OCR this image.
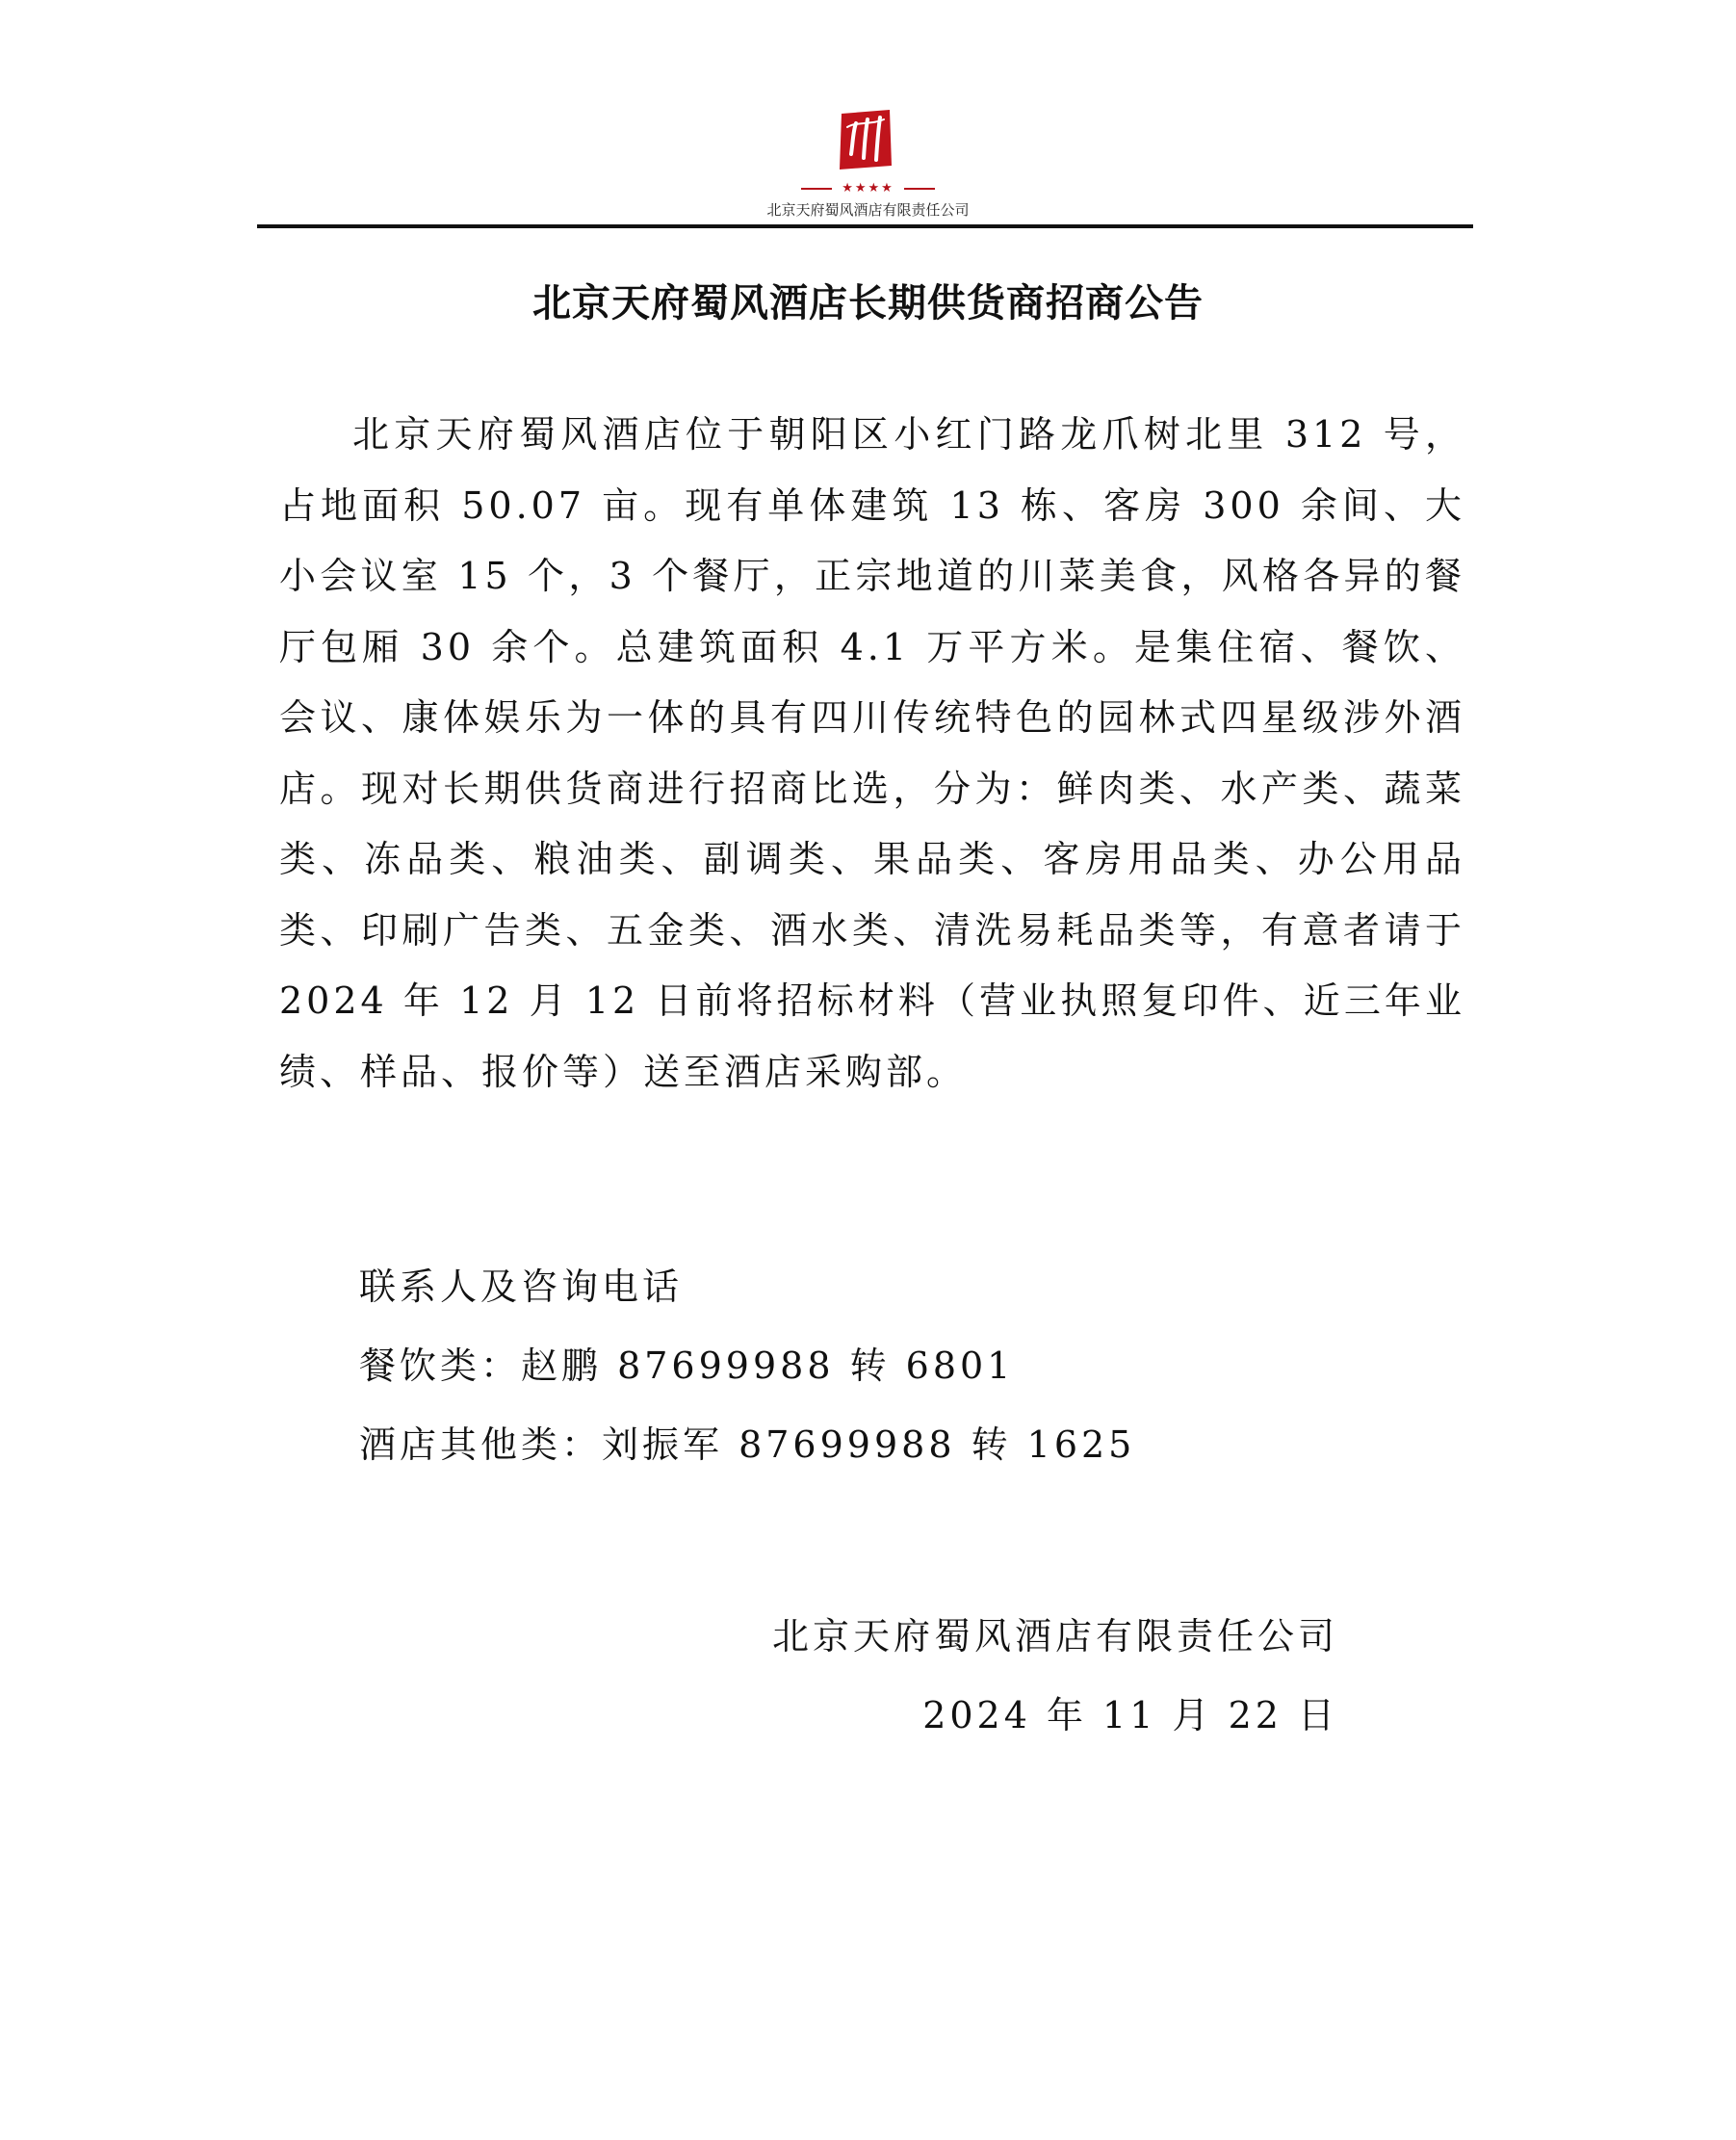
★★★★
北京天府蜀风酒店有限责任公司
北京天府蜀风酒店长期供货商招商公告
北京天府蜀风酒店位于朝阳区小红门路龙爪树北里 312 号，占地面积 50.07 亩。现有单体建筑 13 栋、客房 300 余间、大小会议室 15 个，3 个餐厅，正宗地道的川菜美食，风格各异的餐厅包厢 30 余个。总建筑面积 4.1 万平方米。是集住宿、餐饮、会议、康体娱乐为一体的具有四川传统特色的园林式四星级涉外酒店。现对长期供货商进行招商比选，分为：鲜肉类、水产类、蔬菜类、冻品类、粮油类、副调类、果品类、客房用品类、办公用品类、印刷广告类、五金类、酒水类、清洗易耗品类等，有意者请于 2024 年 12 月 12 日前将招标材料（营业执照复印件、近三年业绩、样品、报价等）送至酒店采购部。
联系人及咨询电话
餐饮类：赵鹏 87699988 转 6801
酒店其他类：刘振军 87699988 转 1625
北京天府蜀风酒店有限责任公司
2024 年 11 月 22 日
